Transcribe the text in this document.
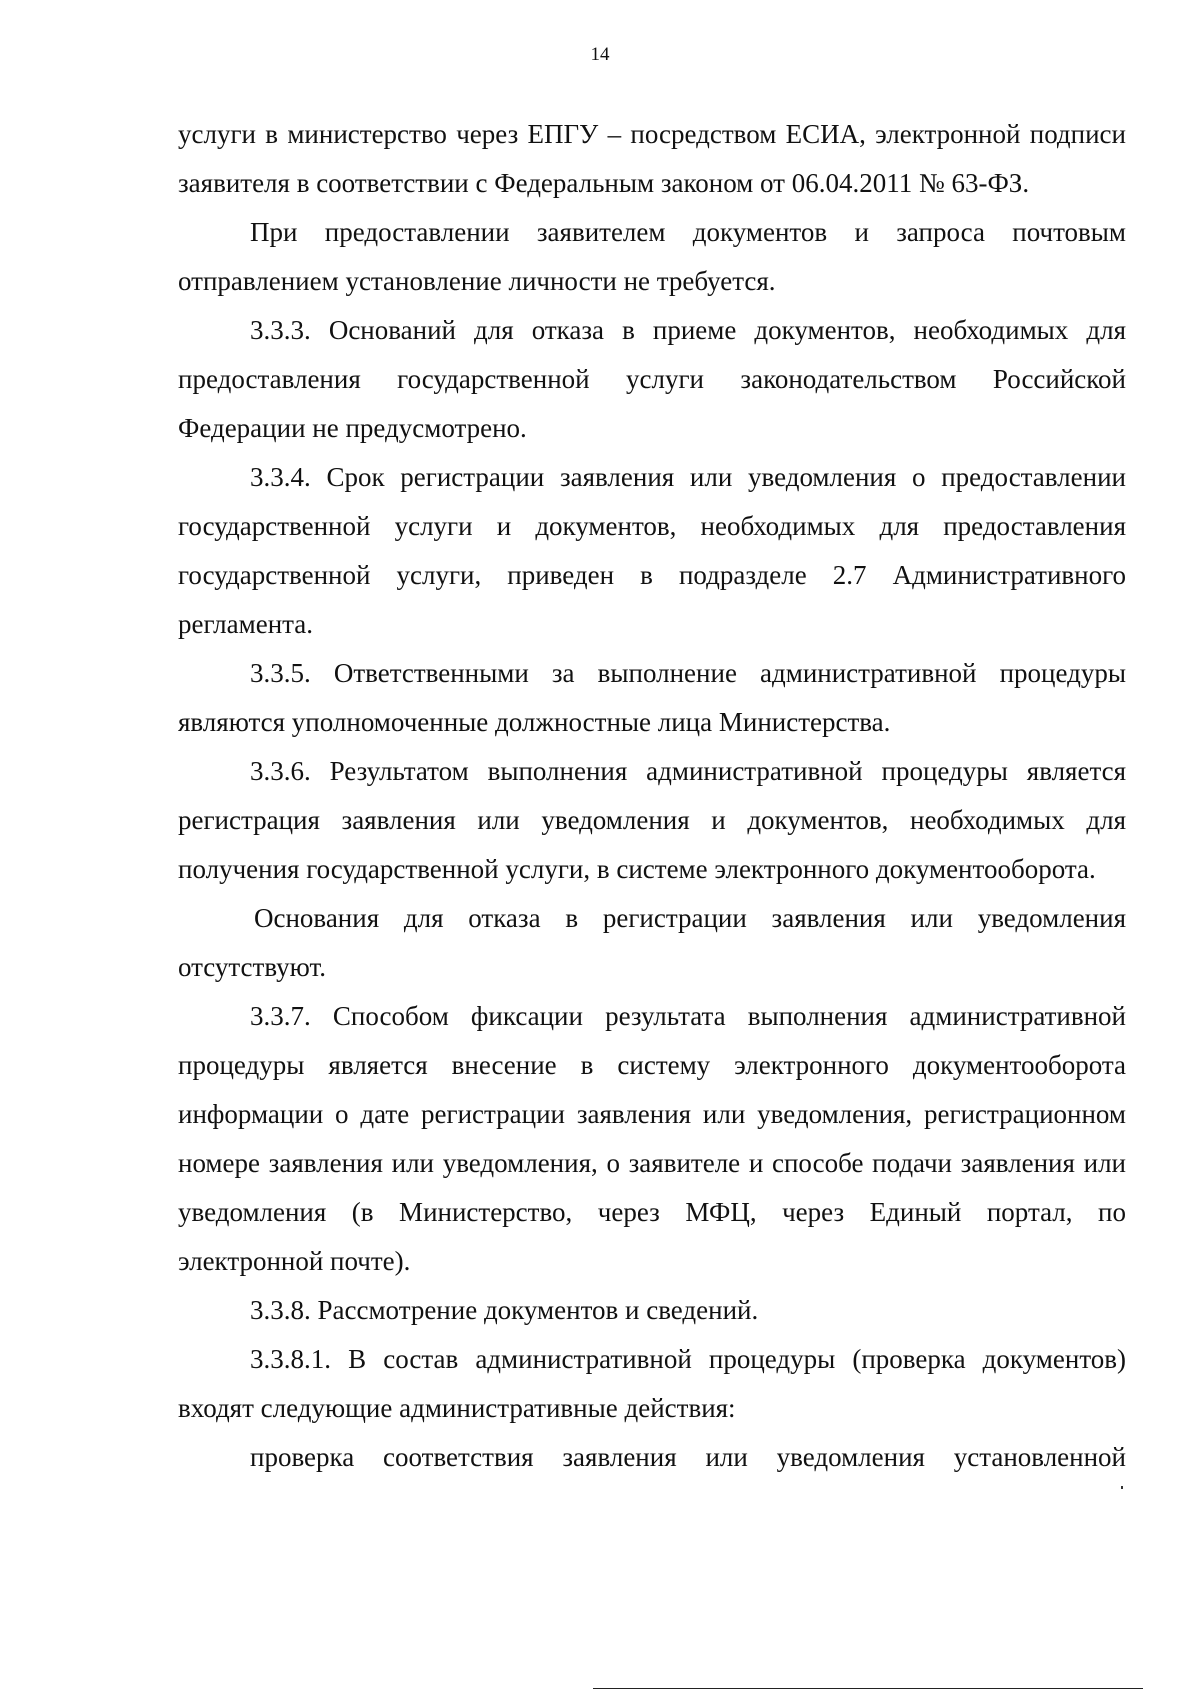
14

услуги в министерство через ЕПГУ – посредством ЕСИА, электронной подписи заявителя в соответствии с Федеральным законом от 06.04.2011 № 63-ФЗ.

При предоставлении заявителем документов и запроса почтовым отправлением установление личности не требуется.

3.3.3. Оснований для отказа в приеме документов, необходимых для предоставления государственной услуги законодательством Российской Федерации не предусмотрено.

3.3.4. Срок регистрации заявления или уведомления о предоставлении государственной услуги и документов, необходимых для предоставления государственной услуги, приведен в подразделе 2.7 Административного регламента.

3.3.5. Ответственными за выполнение административной процедуры являются уполномоченные должностные лица Министерства.

3.3.6. Результатом выполнения административной процедуры является регистрация заявления или уведомления и документов, необходимых для получения государственной услуги, в системе электронного документооборота.

Основания для отказа в регистрации заявления или уведомления отсутствуют.

3.3.7. Способом фиксации результата выполнения административной процедуры является внесение в систему электронного документооборота информации о дате регистрации заявления или уведомления, регистрационном номере заявления или уведомления, о заявителе и способе подачи заявления или уведомления (в Министерство, через МФЦ, через Единый портал, по электронной почте).

3.3.8. Рассмотрение документов и сведений.

3.3.8.1. В состав административной процедуры (проверка документов) входят следующие административные действия:

проверка соответствия заявления или уведомления установленной
